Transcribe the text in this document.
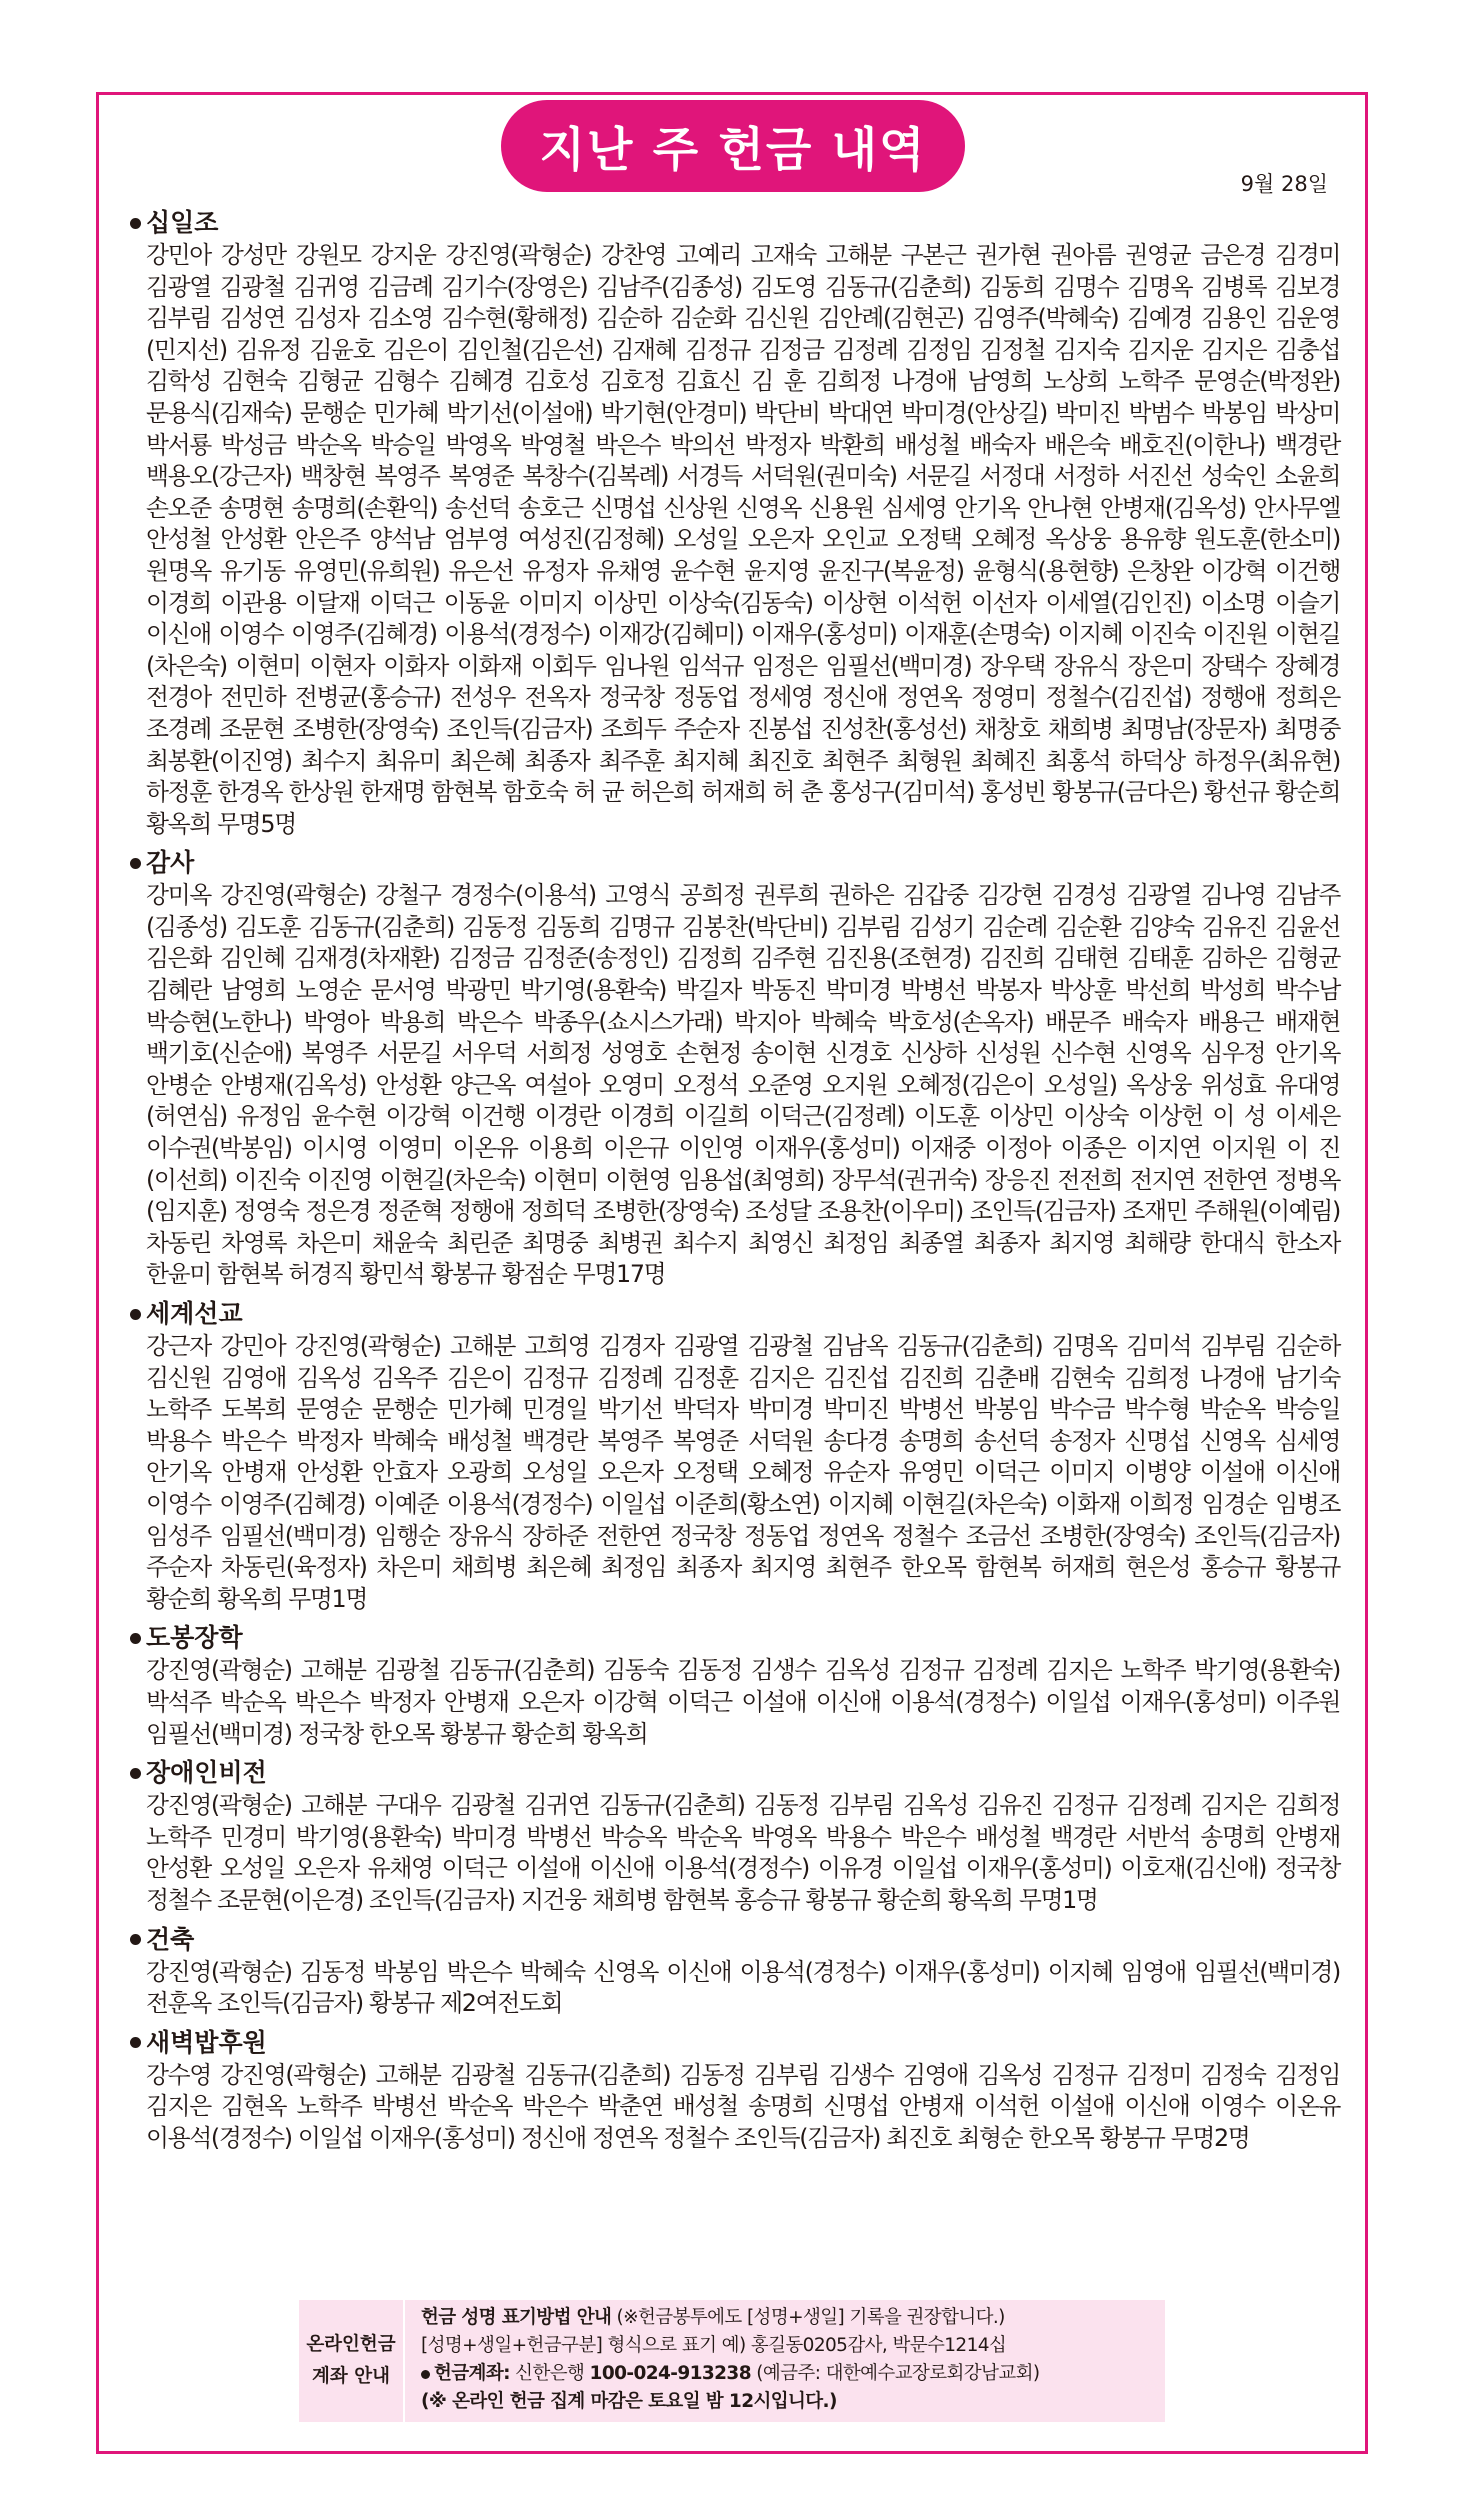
지난 주 헌금 내역
9월 28일
십일조
강민아 강성만 강원모 강지운 강진영(곽형순) 강찬영 고예리 고재숙 고해분 구본근 권가현 권아름 권영균 금은경 김경미 김광열 김광철 김귀영 김금례 김기수(장영은) 김남주(김종성) 김도영 김동규(김춘희) 김동희 김명수 김명옥 김병록 김보경 김부림 김성연 김성자 김소영 김수현(황해정) 김순하 김순화 김신원 김안례(김현곤) 김영주(박혜숙) 김예경 김용인 김운영(민지선) 김유정 김윤호 김은이 김인철(김은선) 김재혜 김정규 김정금 김정례 김정임 김정철 김지숙 김지운 김지은 김충섭 김학성 김현숙 김형균 김형수 김혜경 김호성 김호정 김효신 김 훈 김희정 나경애 남영희 노상희 노학주 문영순(박정완) 문용식(김재숙) 문행순 민가혜 박기선(이설애) 박기현(안경미) 박단비 박대연 박미경(안상길) 박미진 박범수 박봉임 박상미 박서룡 박성금 박순옥 박승일 박영옥 박영철 박은수 박의선 박정자 박환희 배성철 배숙자 배은숙 배호진(이한나) 백경란 백용오(강근자) 백창현 복영주 복영준 복창수(김복례) 서경득 서덕원(권미숙) 서문길 서정대 서정하 서진선 성숙인 소윤희 손오준 송명현 송명희(손환익) 송선덕 송호근 신명섭 신상원 신영옥 신용원 심세영 안기옥 안나현 안병재(김옥성) 안사무엘 안성철 안성환 안은주 양석남 엄부영 여성진(김정혜) 오성일 오은자 오인교 오정택 오혜정 옥상웅 용유향 원도훈(한소미) 원명옥 유기동 유영민(유희원) 유은선 유정자 유채영 윤수현 윤지영 윤진구(복윤정) 윤형식(용현향) 은창완 이강혁 이건행 이경희 이관용 이달재 이덕근 이동윤 이미지 이상민 이상숙(김동숙) 이상현 이석헌 이선자 이세열(김인진) 이소명 이슬기 이신애 이영수 이영주(김혜경) 이용석(경정수) 이재강(김혜미) 이재우(홍성미) 이재훈(손명숙) 이지혜 이진숙 이진원 이현길(차은숙) 이현미 이현자 이화자 이화재 이회두 임나원 임석규 임정은 임필선(백미경) 장우택 장유식 장은미 장택수 장혜경 전경아 전민하 전병균(홍승규) 전성우 전옥자 정국창 정동업 정세영 정신애 정연옥 정영미 정철수(김진섭) 정행애 정희은 조경례 조문현 조병한(장영숙) 조인득(김금자) 조희두 주순자 진봉섭 진성찬(홍성선) 채창호 채희병 최명남(장문자) 최명중 최봉환(이진영) 최수지 최유미 최은혜 최종자 최주훈 최지혜 최진호 최현주 최형원 최혜진 최홍석 하덕상 하정우(최유현) 하정훈 한경옥 한상원 한재명 함현복 함호숙 허 균 허은희 허재희 허 춘 홍성구(김미석) 홍성빈 황봉규(금다은) 황선규 황순희 황옥희 무명5명
감사
강미옥 강진영(곽형순) 강철구 경정수(이용석) 고영식 공희정 권루희 권하은 김갑중 김강현 김경성 김광열 김나영 김남주(김종성) 김도훈 김동규(김춘희) 김동정 김동희 김명규 김봉찬(박단비) 김부림 김성기 김순례 김순환 김양숙 김유진 김윤선 김은화 김인혜 김재경(차재환) 김정금 김정준(송정인) 김정희 김주현 김진용(조현경) 김진희 김태현 김태훈 김하은 김형균 김혜란 남영희 노영순 문서영 박광민 박기영(용환숙) 박길자 박동진 박미경 박병선 박봉자 박상훈 박선희 박성희 박수남 박승현(노한나) 박영아 박용희 박은수 박종우(쇼시스가래) 박지아 박혜숙 박호성(손옥자) 배문주 배숙자 배용근 배재현 백기호(신순애) 복영주 서문길 서우덕 서희정 성영호 손현정 송이현 신경호 신상하 신성원 신수현 신영옥 심우정 안기옥 안병순 안병재(김옥성) 안성환 양근옥 여설아 오영미 오정석 오준영 오지원 오혜정(김은이 오성일) 옥상웅 위성효 유대영(허연심) 유정임 윤수현 이강혁 이건행 이경란 이경희 이길희 이덕근(김정례) 이도훈 이상민 이상숙 이상헌 이 성 이세은 이수권(박봉임) 이시영 이영미 이온유 이용희 이은규 이인영 이재우(홍성미) 이재중 이정아 이종은 이지연 이지원 이 진(이선희) 이진숙 이진영 이현길(차은숙) 이현미 이현영 임용섭(최영희) 장무석(권귀숙) 장응진 전전희 전지연 전한연 정병옥(임지훈) 정영숙 정은경 정준혁 정행애 정희덕 조병한(장영숙) 조성달 조용찬(이우미) 조인득(김금자) 조재민 주해원(이예림) 차동린 차영록 차은미 채윤숙 최린준 최명중 최병권 최수지 최영신 최정임 최종열 최종자 최지영 최해량 한대식 한소자 한윤미 함현복 허경직 황민석 황봉규 황점순 무명17명
세계선교
강근자 강민아 강진영(곽형순) 고해분 고희영 김경자 김광열 김광철 김남옥 김동규(김춘희) 김명옥 김미석 김부림 김순하 김신원 김영애 김옥성 김옥주 김은이 김정규 김정례 김정훈 김지은 김진섭 김진희 김춘배 김현숙 김희정 나경애 남기숙 노학주 도복희 문영순 문행순 민가혜 민경일 박기선 박덕자 박미경 박미진 박병선 박봉임 박수금 박수형 박순옥 박승일 박용수 박은수 박정자 박혜숙 배성철 백경란 복영주 복영준 서덕원 송다경 송명희 송선덕 송정자 신명섭 신영옥 심세영 안기옥 안병재 안성환 안효자 오광희 오성일 오은자 오정택 오혜정 유순자 유영민 이덕근 이미지 이병양 이설애 이신애 이영수 이영주(김혜경) 이예준 이용석(경정수) 이일섭 이준희(황소연) 이지혜 이현길(차은숙) 이화재 이희정 임경순 임병조 임성주 임필선(백미경) 임행순 장유식 장하준 전한연 정국창 정동업 정연옥 정철수 조금선 조병한(장영숙) 조인득(김금자) 주순자 차동린(육정자) 차은미 채희병 최은혜 최정임 최종자 최지영 최현주 한오목 함현복 허재희 현은성 홍승규 황봉규 황순희 황옥희 무명1명
도봉장학
강진영(곽형순) 고해분 김광철 김동규(김춘희) 김동숙 김동정 김생수 김옥성 김정규 김정례 김지은 노학주 박기영(용환숙) 박석주 박순옥 박은수 박정자 안병재 오은자 이강혁 이덕근 이설애 이신애 이용석(경정수) 이일섭 이재우(홍성미) 이주원 임필선(백미경) 정국창 한오목 황봉규 황순희 황옥희
장애인비전
강진영(곽형순) 고해분 구대우 김광철 김귀연 김동규(김춘희) 김동정 김부림 김옥성 김유진 김정규 김정례 김지은 김희정 노학주 민경미 박기영(용환숙) 박미경 박병선 박승옥 박순옥 박영옥 박용수 박은수 배성철 백경란 서반석 송명희 안병재 안성환 오성일 오은자 유채영 이덕근 이설애 이신애 이용석(경정수) 이유경 이일섭 이재우(홍성미) 이호재(김신애) 정국창 정철수 조문현(이은경) 조인득(김금자) 지건웅 채희병 함현복 홍승규 황봉규 황순희 황옥희 무명1명
건축
강진영(곽형순) 김동정 박봉임 박은수 박혜숙 신영옥 이신애 이용석(경정수) 이재우(홍성미) 이지혜 임영애 임필선(백미경) 전훈옥 조인득(김금자) 황봉규 제2여전도회
새벽밥후원
강수영 강진영(곽형순) 고해분 김광철 김동규(김춘희) 김동정 김부림 김생수 김영애 김옥성 김정규 김정미 김정숙 김정임 김지은 김현옥 노학주 박병선 박순옥 박은수 박춘연 배성철 송명희 신명섭 안병재 이석헌 이설애 이신애 이영수 이온유 이용석(경정수) 이일섭 이재우(홍성미) 정신애 정연옥 정철수 조인득(김금자) 최진호 최형순 한오목 황봉규 무명2명
온라인헌금
계좌 안내
헌금 성명 표기방법 안내 (※헌금봉투에도 [성명+생일] 기록을 권장합니다.)
[성명+생일+헌금구분] 형식으로 표기 예) 홍길동0205감사, 박문수1214십
헌금계좌: 신한은행 100-024-913238 (예금주: 대한예수교장로회강남교회)
(※ 온라인 헌금 집계 마감은 토요일 밤 12시입니다.)
